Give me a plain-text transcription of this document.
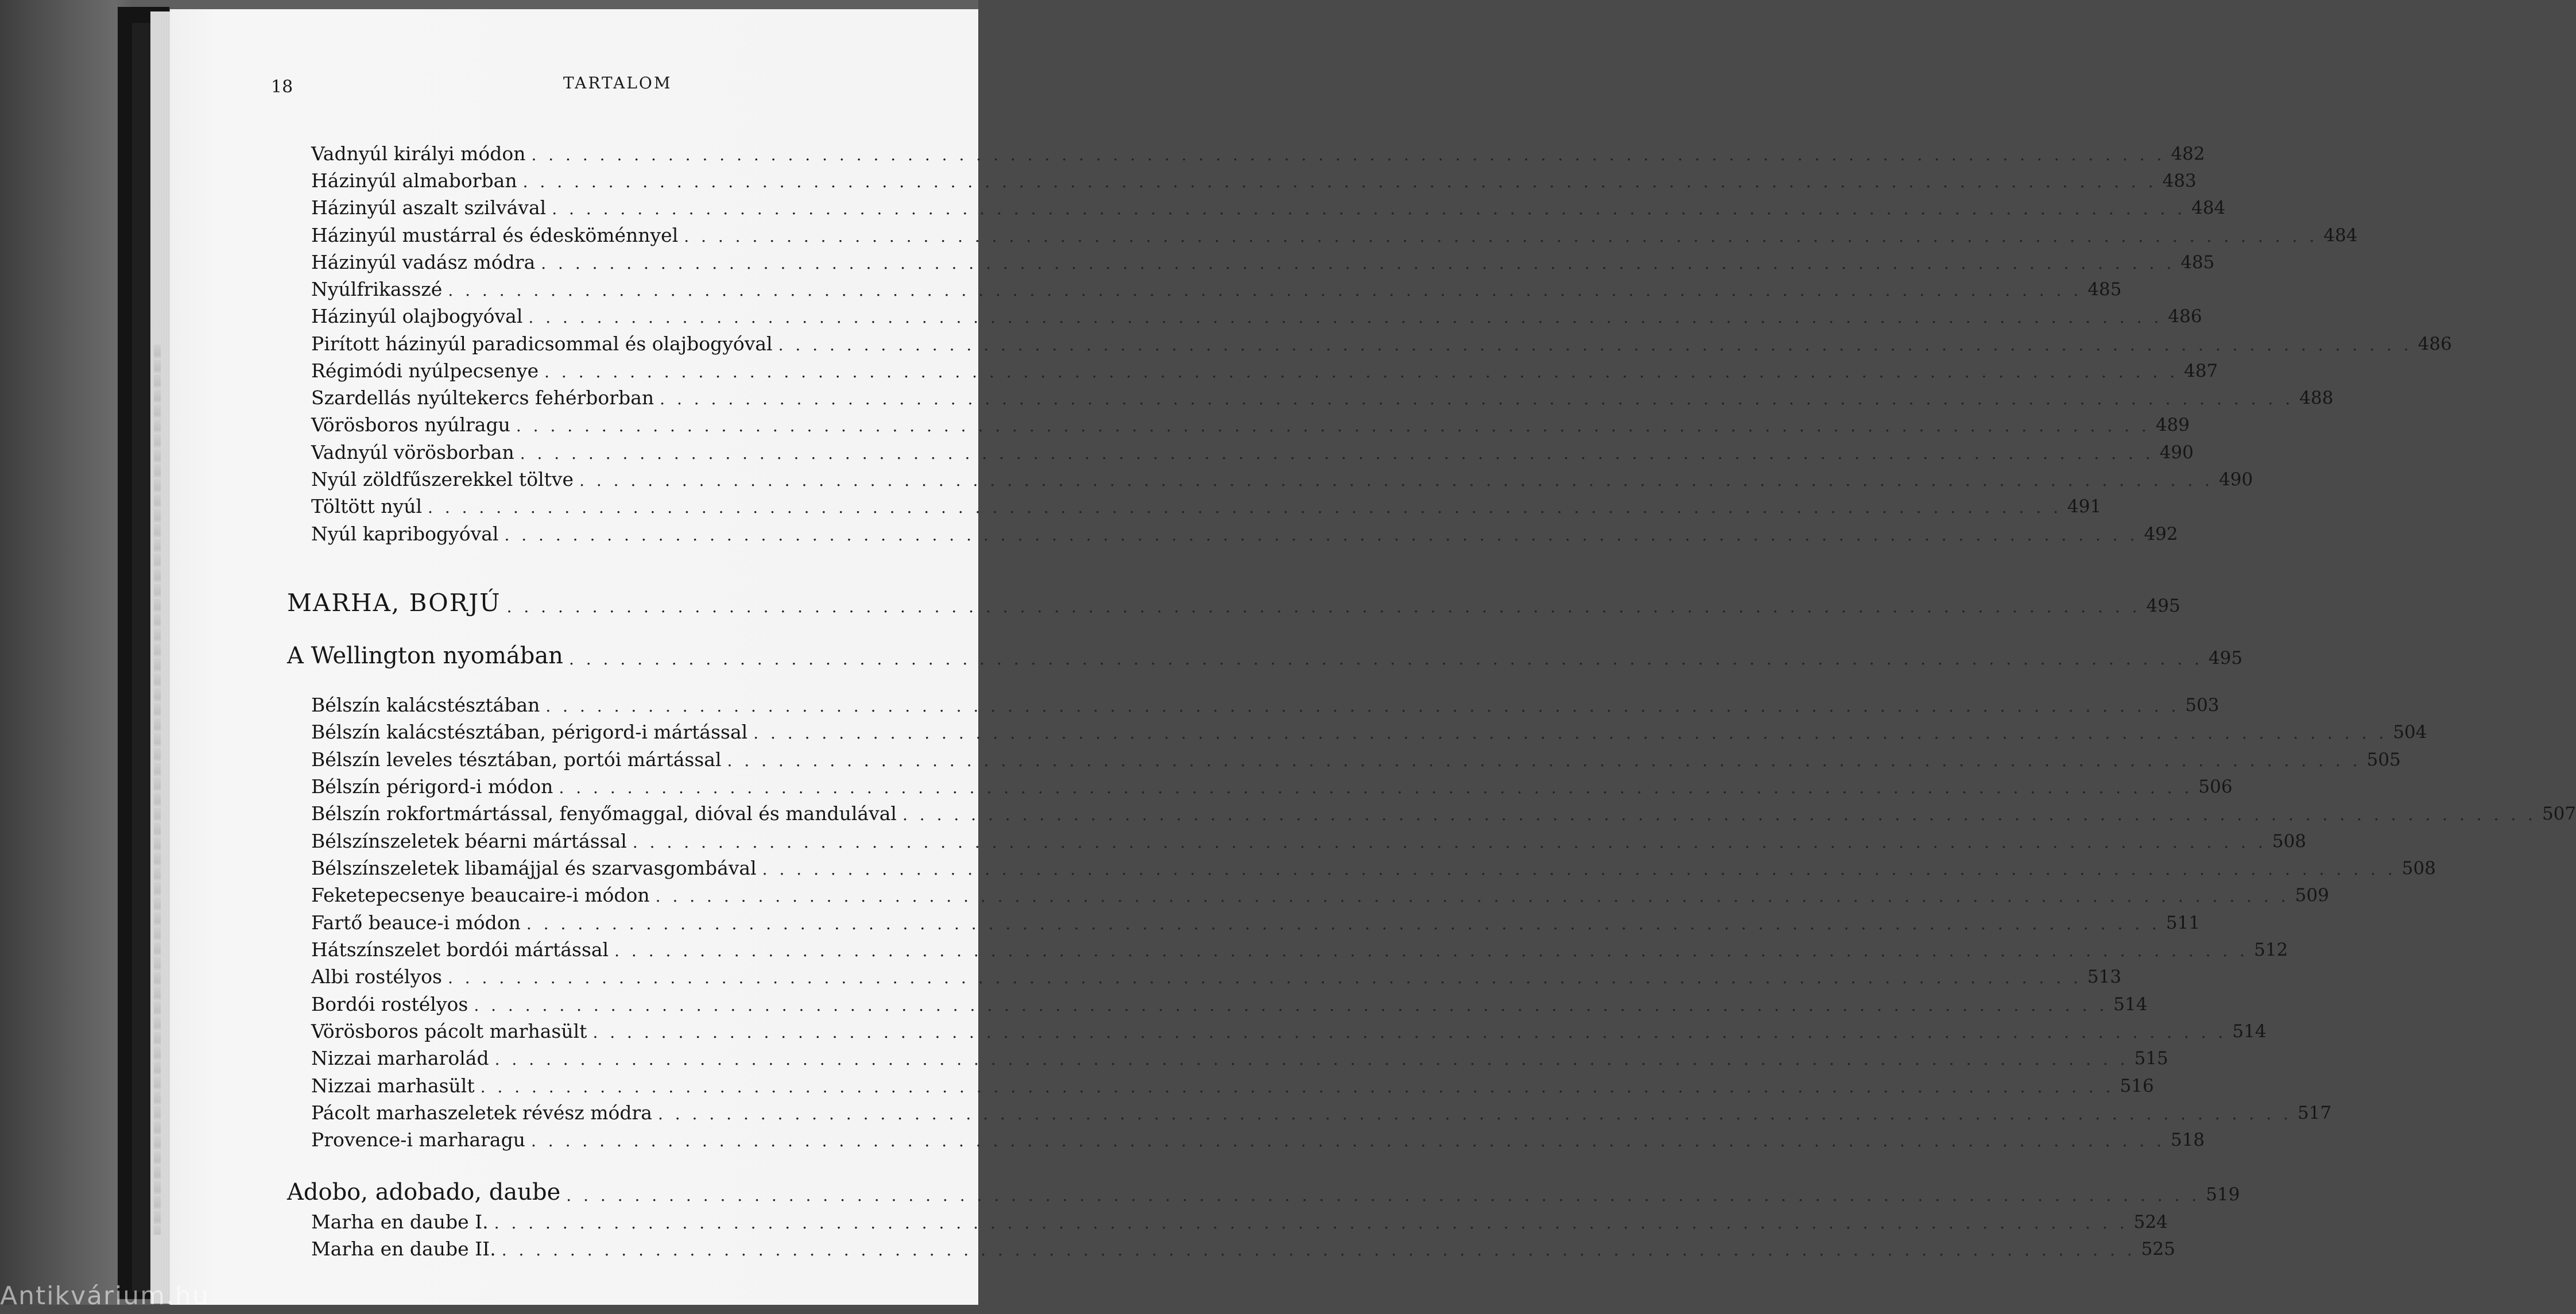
18	TARTALOM
Vadnyúl királyi módon . . . . . . . . . . . . . . . . . . . . . . . . . . . . . . . . . . . . . . . . . . . . . . . . . . . . . . . . . . . . . . . . . . . . . . . . . . . . . . . . . . . . . . . . . . . . . . . . 482
Házinyúl almaborban . . . . . . . . . . . . . . . . . . . . . . . . . . . . . . . . . . . . . . . . . . . . . . . . . . . . . . . . . . . . . . . . . . . . . . . . . . . . . . . . . . . . . . . . . . . . . . . . 483
Házinyúl aszalt szilvával . . . . . . . . . . . . . . . . . . . . . . . . . . . . . . . . . . . . . . . . . . . . . . . . . . . . . . . . . . . . . . . . . . . . . . . . . . . . . . . . . . . . . . . . . . . . . . . . 484
Házinyúl mustárral és édesköménnyel . . . . . . . . . . . . . . . . . . . . . . . . . . . . . . . . . . . . . . . . . . . . . . . . . . . . . . . . . . . . . . . . . . . . . . . . . . . . . . . . . . . . . . . . . . . . . . . . 484
Házinyúl vadász módra . . . . . . . . . . . . . . . . . . . . . . . . . . . . . . . . . . . . . . . . . . . . . . . . . . . . . . . . . . . . . . . . . . . . . . . . . . . . . . . . . . . . . . . . . . . . . . . . 485
Nyúlfrikasszé . . . . . . . . . . . . . . . . . . . . . . . . . . . . . . . . . . . . . . . . . . . . . . . . . . . . . . . . . . . . . . . . . . . . . . . . . . . . . . . . . . . . . . . . . . . . . . . . 485
Házinyúl olajbogyóval . . . . . . . . . . . . . . . . . . . . . . . . . . . . . . . . . . . . . . . . . . . . . . . . . . . . . . . . . . . . . . . . . . . . . . . . . . . . . . . . . . . . . . . . . . . . . . . . 486
Pirított házinyúl paradicsommal és olajbogyóval . . . . . . . . . . . . . . . . . . . . . . . . . . . . . . . . . . . . . . . . . . . . . . . . . . . . . . . . . . . . . . . . . . . . . . . . . . . . . . . . . . . . . . . . . . . . . . . . 486
Régimódi nyúlpecsenye . . . . . . . . . . . . . . . . . . . . . . . . . . . . . . . . . . . . . . . . . . . . . . . . . . . . . . . . . . . . . . . . . . . . . . . . . . . . . . . . . . . . . . . . . . . . . . . . 487
Szardellás nyúltekercs fehérborban . . . . . . . . . . . . . . . . . . . . . . . . . . . . . . . . . . . . . . . . . . . . . . . . . . . . . . . . . . . . . . . . . . . . . . . . . . . . . . . . . . . . . . . . . . . . . . . . 488
Vörösboros nyúlragu . . . . . . . . . . . . . . . . . . . . . . . . . . . . . . . . . . . . . . . . . . . . . . . . . . . . . . . . . . . . . . . . . . . . . . . . . . . . . . . . . . . . . . . . . . . . . . . . 489
Vadnyúl vörösborban . . . . . . . . . . . . . . . . . . . . . . . . . . . . . . . . . . . . . . . . . . . . . . . . . . . . . . . . . . . . . . . . . . . . . . . . . . . . . . . . . . . . . . . . . . . . . . . . 490
Nyúl zöldfűszerekkel töltve . . . . . . . . . . . . . . . . . . . . . . . . . . . . . . . . . . . . . . . . . . . . . . . . . . . . . . . . . . . . . . . . . . . . . . . . . . . . . . . . . . . . . . . . . . . . . . . . 490
Töltött nyúl . . . . . . . . . . . . . . . . . . . . . . . . . . . . . . . . . . . . . . . . . . . . . . . . . . . . . . . . . . . . . . . . . . . . . . . . . . . . . . . . . . . . . . . . . . . . . . . . 491
Nyúl kapribogyóval . . . . . . . . . . . . . . . . . . . . . . . . . . . . . . . . . . . . . . . . . . . . . . . . . . . . . . . . . . . . . . . . . . . . . . . . . . . . . . . . . . . . . . . . . . . . . . . . 492
MARHA, BORJÚ . . . . . . . . . . . . . . . . . . . . . . . . . . . . . . . . . . . . . . . . . . . . . . . . . . . . . . . . . . . . . . . . . . . . . . . . . . . . . . . . . . . . . . . . . . . . . . . . 495
A Wellington nyomában . . . . . . . . . . . . . . . . . . . . . . . . . . . . . . . . . . . . . . . . . . . . . . . . . . . . . . . . . . . . . . . . . . . . . . . . . . . . . . . . . . . . . . . . . . . . . . . . 495
Bélszín kalácstésztában . . . . . . . . . . . . . . . . . . . . . . . . . . . . . . . . . . . . . . . . . . . . . . . . . . . . . . . . . . . . . . . . . . . . . . . . . . . . . . . . . . . . . . . . . . . . . . . . 503
Bélszín kalácstésztában, périgord-i mártással . . . . . . . . . . . . . . . . . . . . . . . . . . . . . . . . . . . . . . . . . . . . . . . . . . . . . . . . . . . . . . . . . . . . . . . . . . . . . . . . . . . . . . . . . . . . . . . . 504
Bélszín leveles tésztában, portói mártással . . . . . . . . . . . . . . . . . . . . . . . . . . . . . . . . . . . . . . . . . . . . . . . . . . . . . . . . . . . . . . . . . . . . . . . . . . . . . . . . . . . . . . . . . . . . . . . . 505
Bélszín périgord-i módon . . . . . . . . . . . . . . . . . . . . . . . . . . . . . . . . . . . . . . . . . . . . . . . . . . . . . . . . . . . . . . . . . . . . . . . . . . . . . . . . . . . . . . . . . . . . . . . . 506
Bélszín rokfortmártással, fenyőmaggal, dióval és mandulával . . . . . . . . . . . . . . . . . . . . . . . . . . . . . . . . . . . . . . . . . . . . . . . . . . . . . . . . . . . . . . . . . . . . . . . . . . . . . . . . . . . . . . . . . . . . . . . . 507
Bélszínszeletek béarni mártással . . . . . . . . . . . . . . . . . . . . . . . . . . . . . . . . . . . . . . . . . . . . . . . . . . . . . . . . . . . . . . . . . . . . . . . . . . . . . . . . . . . . . . . . . . . . . . . . 508
Bélszínszeletek libamájjal és szarvasgombával . . . . . . . . . . . . . . . . . . . . . . . . . . . . . . . . . . . . . . . . . . . . . . . . . . . . . . . . . . . . . . . . . . . . . . . . . . . . . . . . . . . . . . . . . . . . . . . . 508
Feketepecsenye beaucaire-i módon . . . . . . . . . . . . . . . . . . . . . . . . . . . . . . . . . . . . . . . . . . . . . . . . . . . . . . . . . . . . . . . . . . . . . . . . . . . . . . . . . . . . . . . . . . . . . . . . 509
Fartő beauce-i módon . . . . . . . . . . . . . . . . . . . . . . . . . . . . . . . . . . . . . . . . . . . . . . . . . . . . . . . . . . . . . . . . . . . . . . . . . . . . . . . . . . . . . . . . . . . . . . . . 511
Hátszínszelet bordói mártással . . . . . . . . . . . . . . . . . . . . . . . . . . . . . . . . . . . . . . . . . . . . . . . . . . . . . . . . . . . . . . . . . . . . . . . . . . . . . . . . . . . . . . . . . . . . . . . . 512
Albi rostélyos . . . . . . . . . . . . . . . . . . . . . . . . . . . . . . . . . . . . . . . . . . . . . . . . . . . . . . . . . . . . . . . . . . . . . . . . . . . . . . . . . . . . . . . . . . . . . . . . 513
Bordói rostélyos . . . . . . . . . . . . . . . . . . . . . . . . . . . . . . . . . . . . . . . . . . . . . . . . . . . . . . . . . . . . . . . . . . . . . . . . . . . . . . . . . . . . . . . . . . . . . . . . 514
Vörösboros pácolt marhasült . . . . . . . . . . . . . . . . . . . . . . . . . . . . . . . . . . . . . . . . . . . . . . . . . . . . . . . . . . . . . . . . . . . . . . . . . . . . . . . . . . . . . . . . . . . . . . . . 514
Nizzai marharolád . . . . . . . . . . . . . . . . . . . . . . . . . . . . . . . . . . . . . . . . . . . . . . . . . . . . . . . . . . . . . . . . . . . . . . . . . . . . . . . . . . . . . . . . . . . . . . . . 515
Nizzai marhasült . . . . . . . . . . . . . . . . . . . . . . . . . . . . . . . . . . . . . . . . . . . . . . . . . . . . . . . . . . . . . . . . . . . . . . . . . . . . . . . . . . . . . . . . . . . . . . . . 516
Pácolt marhaszeletek révész módra . . . . . . . . . . . . . . . . . . . . . . . . . . . . . . . . . . . . . . . . . . . . . . . . . . . . . . . . . . . . . . . . . . . . . . . . . . . . . . . . . . . . . . . . . . . . . . . . 517
Provence-i marharagu . . . . . . . . . . . . . . . . . . . . . . . . . . . . . . . . . . . . . . . . . . . . . . . . . . . . . . . . . . . . . . . . . . . . . . . . . . . . . . . . . . . . . . . . . . . . . . . . 518
Adobo, adobado, daube . . . . . . . . . . . . . . . . . . . . . . . . . . . . . . . . . . . . . . . . . . . . . . . . . . . . . . . . . . . . . . . . . . . . . . . . . . . . . . . . . . . . . . . . . . . . . . . . 519
Marha en daube I. . . . . . . . . . . . . . . . . . . . . . . . . . . . . . . . . . . . . . . . . . . . . . . . . . . . . . . . . . . . . . . . . . . . . . . . . . . . . . . . . . . . . . . . . . . . . . . . . 524
Marha en daube II. . . . . . . . . . . . . . . . . . . . . . . . . . . . . . . . . . . . . . . . . . . . . . . . . . . . . . . . . . . . . . . . . . . . . . . . . . . . . . . . . . . . . . . . . . . . . . . . . 525
Antikvárium.hu
